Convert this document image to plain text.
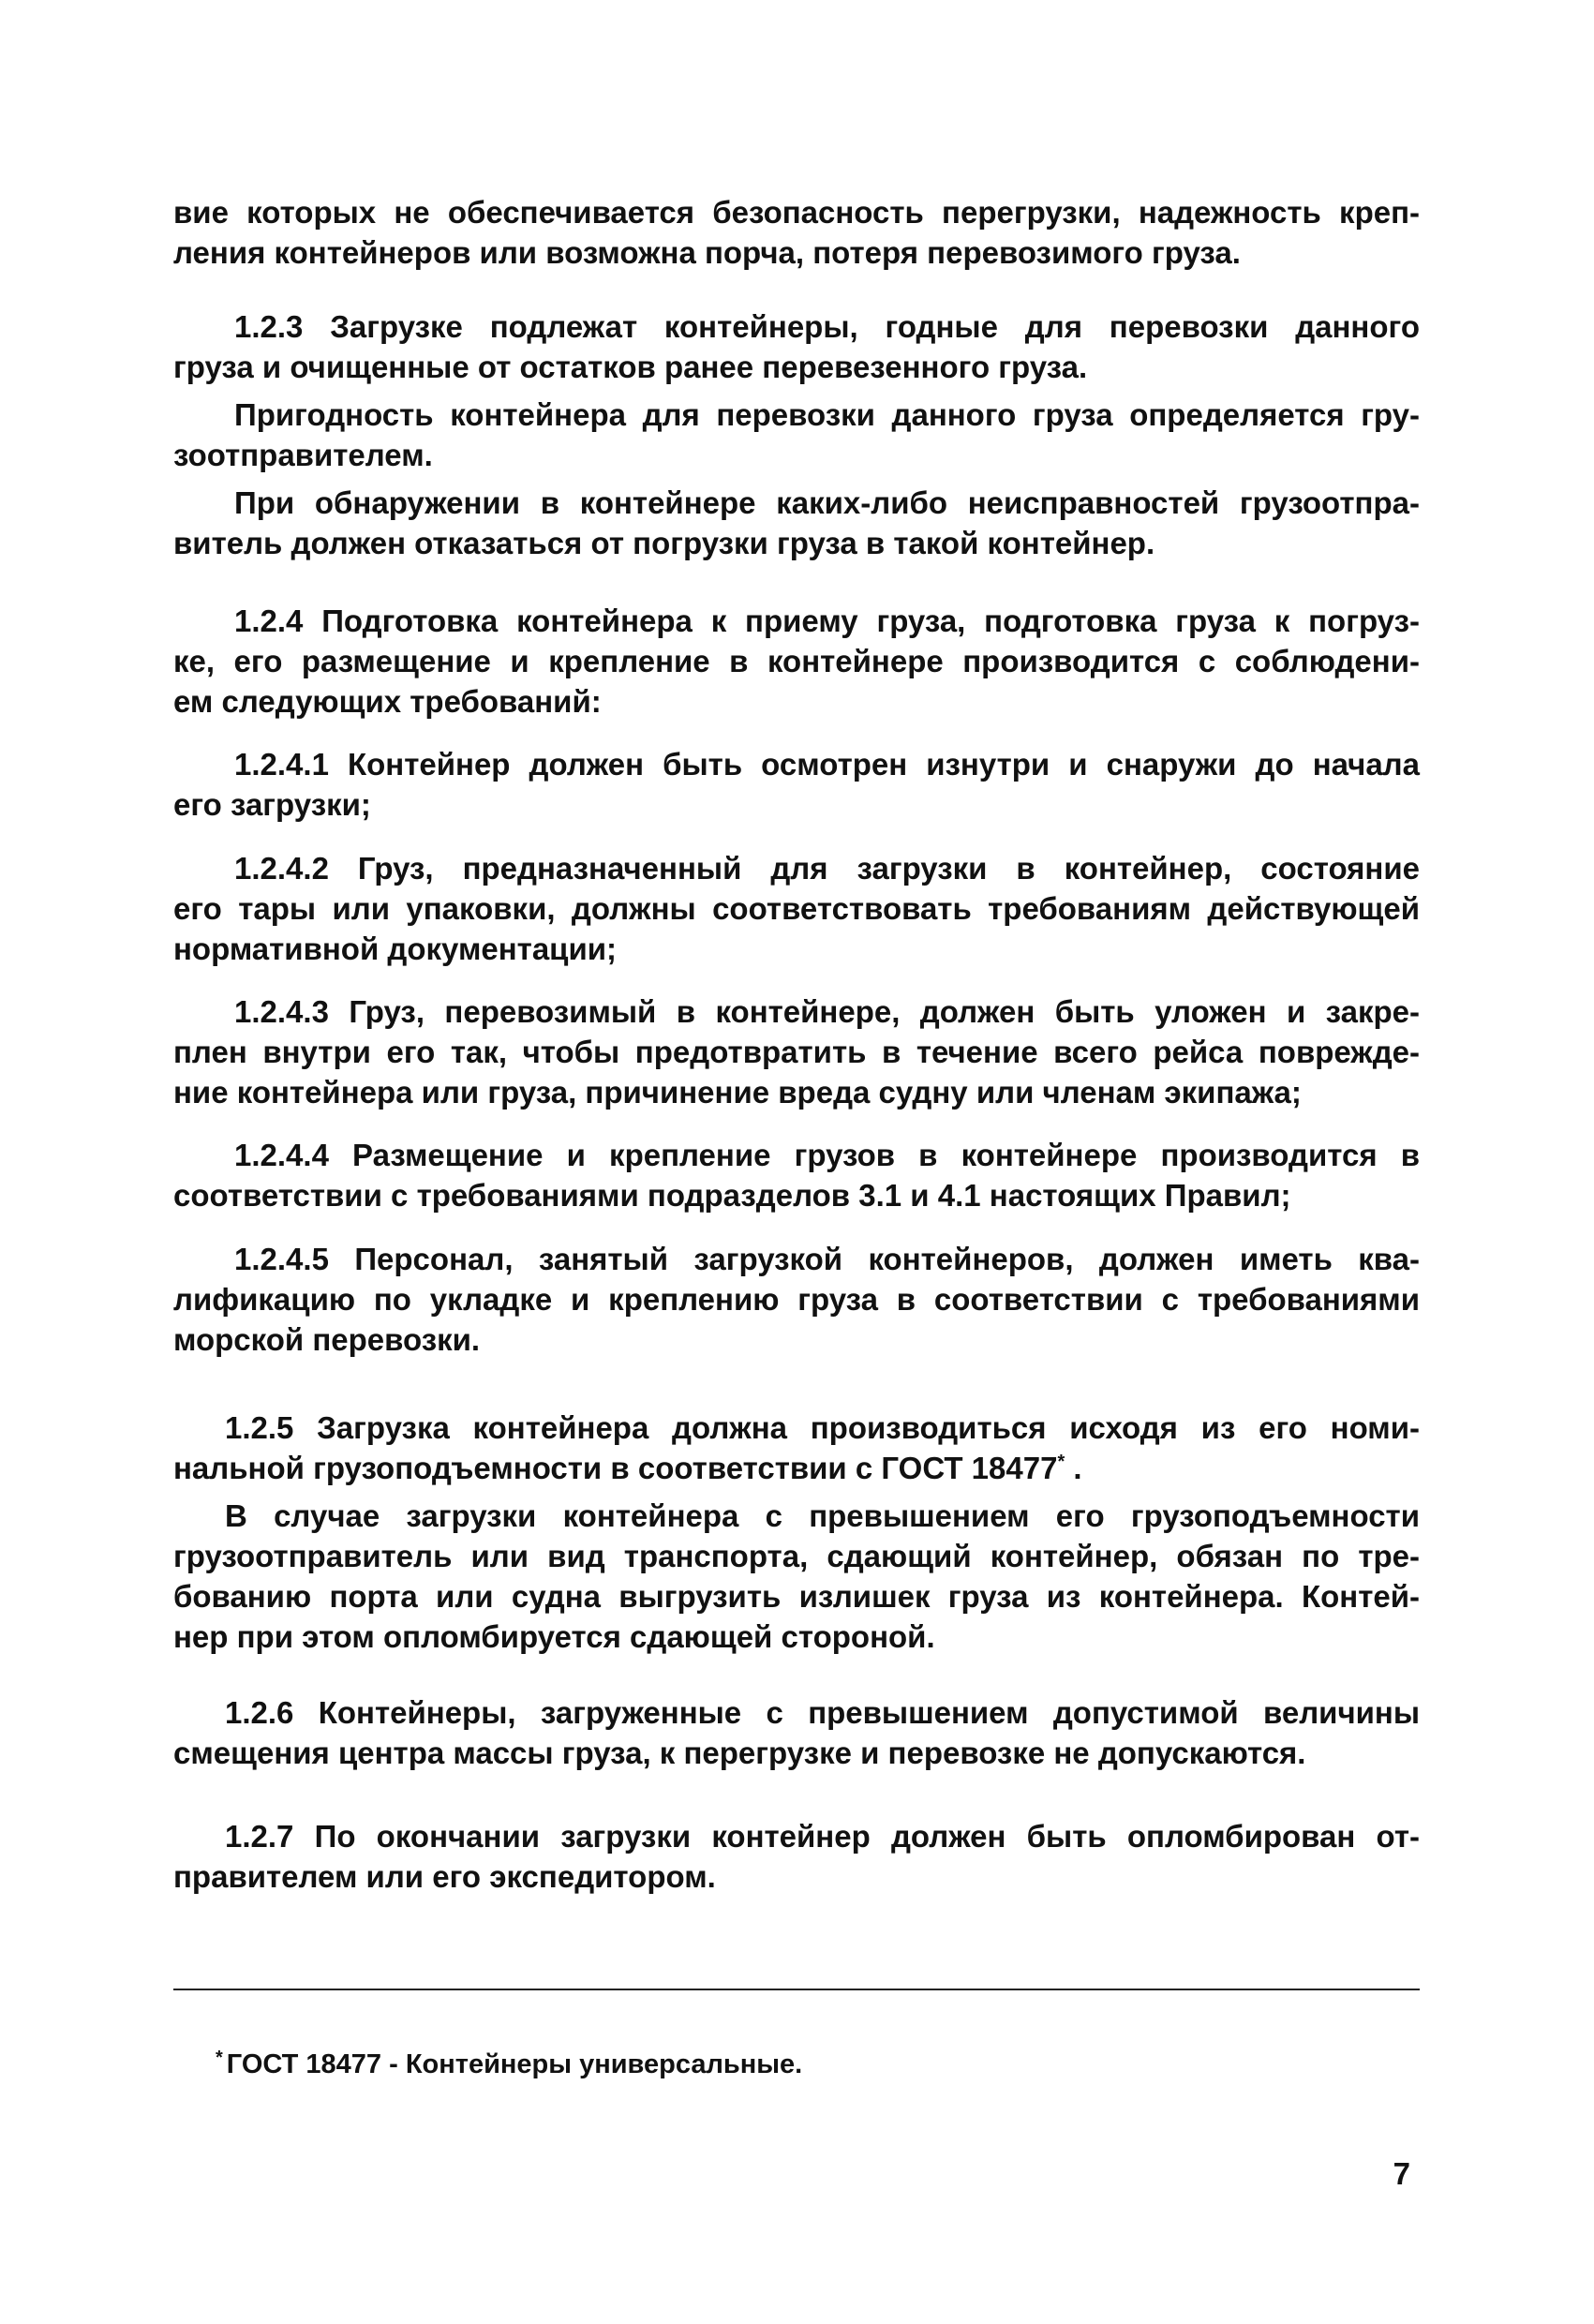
вие которых не обеспечивается безопасность перегрузки, надежность креп-
ления контейнеров или возможна порча, потеря перевозимого груза.

1.2.3 Загрузке подлежат контейнеры, годные для перевозки данного

груза и очищенные от остатков ранее перевезенного груза.

Пригодность контейнера для перевозки данного груза определяется гру-

зоотправителем.

При обнаружении в контейнере каких-либо неисправностей грузоотпра-

витель должен отказаться от погрузки груза в такой контейнер.

1.2.4 Подготовка контейнера к приему груза, подготовка груза к погруз-

ке, его размещение и крепление в контейнере производится с соблюдени-
ем следующих требований:

1.2.4.1 Контейнер должен быть осмотрен изнутри и снаружи до начала

его загрузки;

1.2.4.2 Груз, предназначенный для загрузки в контейнер, состояние

его тары или упаковки, должны соответствовать требованиям действующей
нормативной документации;

1.2.4.3 Груз, перевозимый в контейнере, должен быть уложен и закре-

плен внутри его так, чтобы предотвратить в течение всего рейса поврежде-
ние контейнера или груза, причинение вреда судну или членам экипажа;

1.2.4.4 Размещение и крепление грузов в контейнере производится в

соответствии с требованиями подразделов 3.1 и 4.1 настоящих Правил;

1.2.4.5 Персонал, занятый загрузкой контейнеров, должен иметь ква-

лификацию по укладке и креплению груза в соответствии с требованиями
морской перевозки.

1.2.5 Загрузка контейнера должна производиться исходя из его номи-

нальной грузоподъемности в соответствии с ГОСТ 18477* .

В случае загрузки контейнера с превышением его грузоподъемности

грузоотправитель или вид транспорта, сдающий контейнер, обязан по тре-
бованию порта или судна выгрузить излишек груза из контейнера. Контей-
нер при этом опломбируется сдающей стороной.

1.2.6 Контейнеры, загруженные с превышением допустимой величины

смещения центра массы груза, к перегрузке и перевозке не допускаются.

1.2.7 По окончании загрузки контейнер должен быть опломбирован от-

правителем или его экспедитором.

* ГОСТ 18477 - Контейнеры универсальные.
7
